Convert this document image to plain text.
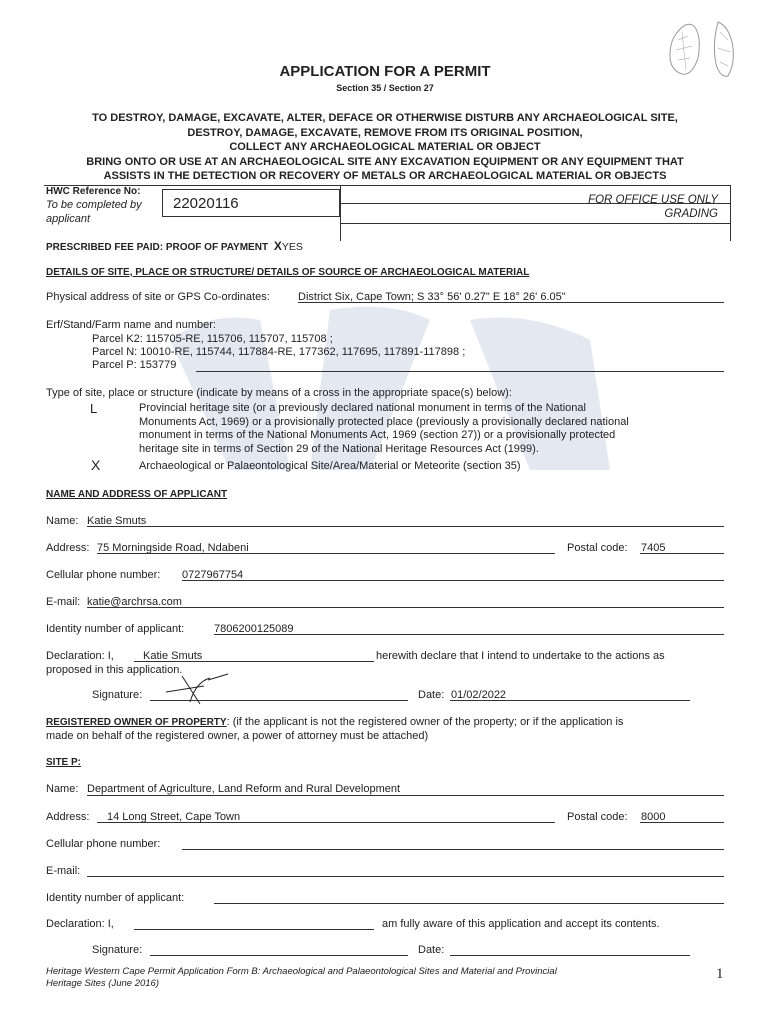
APPLICATION FOR A PERMIT
Section 35 / Section 27
TO DESTROY, DAMAGE, EXCAVATE, ALTER, DEFACE OR OTHERWISE DISTURB ANY ARCHAEOLOGICAL SITE,
DESTROY, DAMAGE, EXCAVATE, REMOVE FROM ITS ORIGINAL POSITION,
COLLECT ANY ARCHAEOLOGICAL MATERIAL OR OBJECT
BRING ONTO OR USE AT AN ARCHAEOLOGICAL SITE ANY EXCAVATION EQUIPMENT OR ANY EQUIPMENT THAT
ASSISTS IN THE DETECTION OR RECOVERY OF METALS OR ARCHAEOLOGICAL MATERIAL OR OBJECTS
22020116
HWC Reference No:
To be completed by
applicant
FOR OFFICE USE ONLY
GRADING
PRESCRIBED FEE PAID: PROOF OF PAYMENT XYES
DETAILS OF SITE, PLACE OR STRUCTURE/ DETAILS OF SOURCE OF ARCHAEOLOGICAL MATERIAL
Physical address of site or GPS Co-ordinates:	District Six, Cape Town; S 33° 56' 0.27" E 18° 26' 6.05"
Erf/Stand/Farm name and number:
Parcel K2: 115705-RE, 115706, 115707, 115708 ;
Parcel N: 10010-RE, 115744, 117884-RE, 177362, 117695, 117891-117898 ;
Parcel P: 153779
Type of site, place or structure (indicate by means of a cross in the appropriate space(s) below):
L	Provincial heritage site (or a previously declared national monument in terms of the National
Monuments Act, 1969) or a provisionally protected place (previously a provisionally declared national
monument in terms of the National Monuments Act, 1969 (section 27)) or a provisionally protected
heritage site in terms of Section 29 of the National Heritage Resources Act (1999).
X	Archaeological or Palaeontological Site/Area/Material or Meteorite (section 35)
NAME AND ADDRESS OF APPLICANT
Name: Katie Smuts
Address: 75 Morningside Road, Ndabeni	Postal code: 7405
Cellular phone number: 0727967754
E-mail: katie@archrsa.com
Identity number of applicant:	7806200125089
Declaration: I,	Katie Smuts	herewith declare that I intend to undertake to the actions as
proposed in this application.
Signature:	Date: 01/02/2022
REGISTERED OWNER OF PROPERTY: (if the applicant is not the registered owner of the property; or if the application is
made on behalf of the registered owner, a power of attorney must be attached)
SITE P:
Name: Department of Agriculture, Land Reform and Rural Development
Address: 14 Long Street, Cape Town	Postal code: 8000
Cellular phone number:
E-mail:
Identity number of applicant:
Declaration: I,	am fully aware of this application and accept its contents.
Signature:	Date:
Heritage Western Cape Permit Application Form B: Archaeological and Palaeontological Sites and Material and Provincial
Heritage Sites (June 2016)
1
